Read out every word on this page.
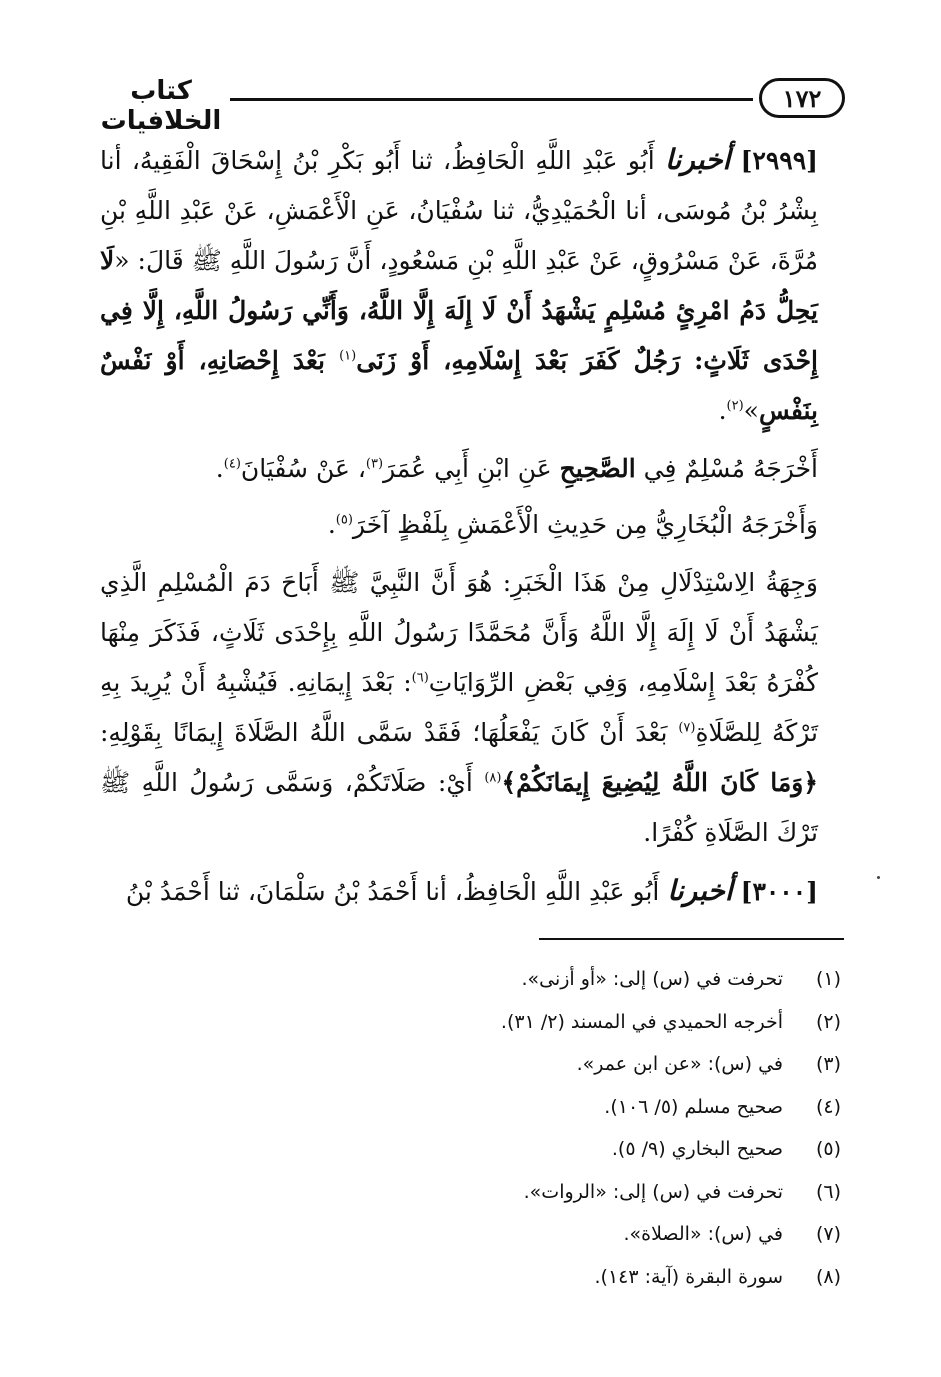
١٧٢
كتاب الخلافيات

[٢٩٩٩] أخبرنا أَبُو عَبْدِ اللَّهِ الْحَافِظُ، ثنا أَبُو بَكْرِ بْنُ إِسْحَاقَ الْفَقِيهُ، أنا بِشْرُ بْنُ مُوسَى، أنا الْحُمَيْدِيُّ، ثنا سُفْيَانُ، عَنِ الْأَعْمَشِ، عَنْ عَبْدِ اللَّهِ بْنِ مُرَّةَ، عَنْ مَسْرُوقٍ، عَنْ عَبْدِ اللَّهِ بْنِ مَسْعُودٍ، أَنَّ رَسُولَ اللَّهِ ﷺ قَالَ: «لَا يَحِلُّ دَمُ امْرِئٍ مُسْلِمٍ يَشْهَدُ أَنْ لَا إِلَهَ إِلَّا اللَّهُ، وَأَنِّي رَسُولُ اللَّهِ، إِلَّا فِي إِحْدَى ثَلَاثٍ: رَجُلٌ كَفَرَ بَعْدَ إِسْلَامِهِ، أَوْ زَنَى$^{(١)}$ بَعْدَ إِحْصَانِهِ، أَوْ نَفْسٌ بِنَفْسٍ»$^{(٢)}$.

أَخْرَجَهُ مُسْلِمٌ فِي الصَّحِيحِ عَنِ ابْنِ أَبِي عُمَرَ$^{(٣)}$، عَنْ سُفْيَانَ$^{(٤)}$.

وَأَخْرَجَهُ الْبُخَارِيُّ مِن حَدِيثِ الْأَعْمَشِ بِلَفْظٍ آخَرَ$^{(٥)}$.

وَجِهَةُ الِاسْتِدْلَالِ مِنْ هَذَا الْخَبَرِ: هُوَ أَنَّ النَّبِيَّ ﷺ أَبَاحَ دَمَ الْمُسْلِمِ الَّذِي يَشْهَدُ أَنْ لَا إِلَهَ إِلَّا اللَّهُ وَأَنَّ مُحَمَّدًا رَسُولُ اللَّهِ بِإِحْدَى ثَلَاثٍ، فَذَكَرَ مِنْهَا كُفْرَهُ بَعْدَ إِسْلَامِهِ، وَفِي بَعْضِ الرِّوَايَاتِ$^{(٦)}$: بَعْدَ إِيمَانِهِ. فَيُشْبِهُ أَنْ يُرِيدَ بِهِ تَرْكَهُ لِلصَّلَاةِ$^{(٧)}$ بَعْدَ أَنْ كَانَ يَفْعَلُهَا؛ فَقَدْ سَمَّى اللَّهُ الصَّلَاةَ إِيمَانًا بِقَوْلِهِ: ﴿وَمَا كَانَ اللَّهُ لِيُضِيعَ إِيمَانَكُمْ﴾$^{(٨)}$ أَيْ: صَلَاتَكُمْ، وَسَمَّى رَسُولُ اللَّهِ ﷺ تَرْكَ الصَّلَاةِ كُفْرًا.

[٣٠٠٠] أخبرنا أَبُو عَبْدِ اللَّهِ الْحَافِظُ، أنا أَحْمَدُ بْنُ سَلْمَانَ، ثنا أَحْمَدُ بْنُ

(١)
تحرفت في (س) إلى: «أو أزنى».
(٢)
أخرجه الحميدي في المسند (٢/ ٣١).
(٣)
في (س): «عن ابن عمر».
(٤)
صحيح مسلم (٥/ ١٠٦).
(٥)
صحيح البخاري (٩/ ٥).
(٦)
تحرفت في (س) إلى: «الروات».
(٧)
في (س): «الصلاة».
(٨)
سورة البقرة (آية: ١٤٣).
